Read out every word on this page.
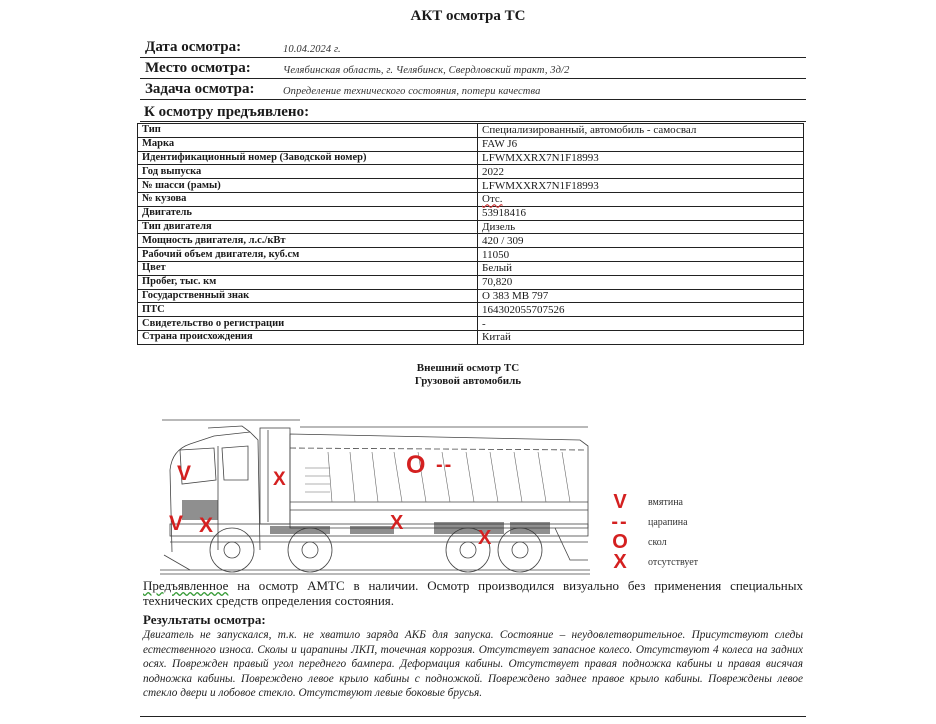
АКТ осмотра ТС
Дата осмотра:	10.04.2024 г.
Место осмотра:	Челябинская область, г. Челябинск, Свердловский тракт, 3д/2
Задача осмотра:	Определение технического состояния, потери качества
К осмотру предъявлено:
Тип	Специализированный, автомобиль - самосвал
Марка	FAW J6
Идентификационный номер (Заводской номер)	LFWMXXRX7N1F18993
Год выпуска	2022
№ шасси (рамы)	LFWMXXRX7N1F18993
№ кузова	Отс.
Двигатель	53918416
Тип двигателя	Дизель
Мощность двигателя, л.с./кВт	420 / 309
Рабочий объем двигателя, куб.см	11050
Цвет	Белый
Пробег, тыс. км	70,820
Государственный знак	О 383 МВ 797
ПТС	164302055707526
Свидетельство о регистрации	-
Страна происхождения	Китай
Внешний осмотр ТС
Грузовой автомобиль
V
V X
X
O --
X
X
V	вмятина
-- царапина
O скол
X	отсутствует
Предъявленное на осмотр АМТС в наличии. Осмотр производился визуально без применения специальных технических средств определения состояния.
Результаты осмотра:
Двигатель не запускался, т.к. не хватило заряда АКБ для запуска. Состояние – неудовлетворительное. Присутствуют следы естественного износа. Сколы и царапины ЛКП, точечная коррозия. Отсутствует запасное колесо. Отсутствуют 4 колеса на задних осях. Поврежден правый угол переднего бампера. Деформация кабины. Отсутствует правая подножка кабины и правая висячая подножка кабины. Повреждено левое крыло кабины с подножкой. Повреждено заднее правое крыло кабины. Повреждены левое стекло двери и лобовое стекло. Отсутствуют левые боковые брусья.
